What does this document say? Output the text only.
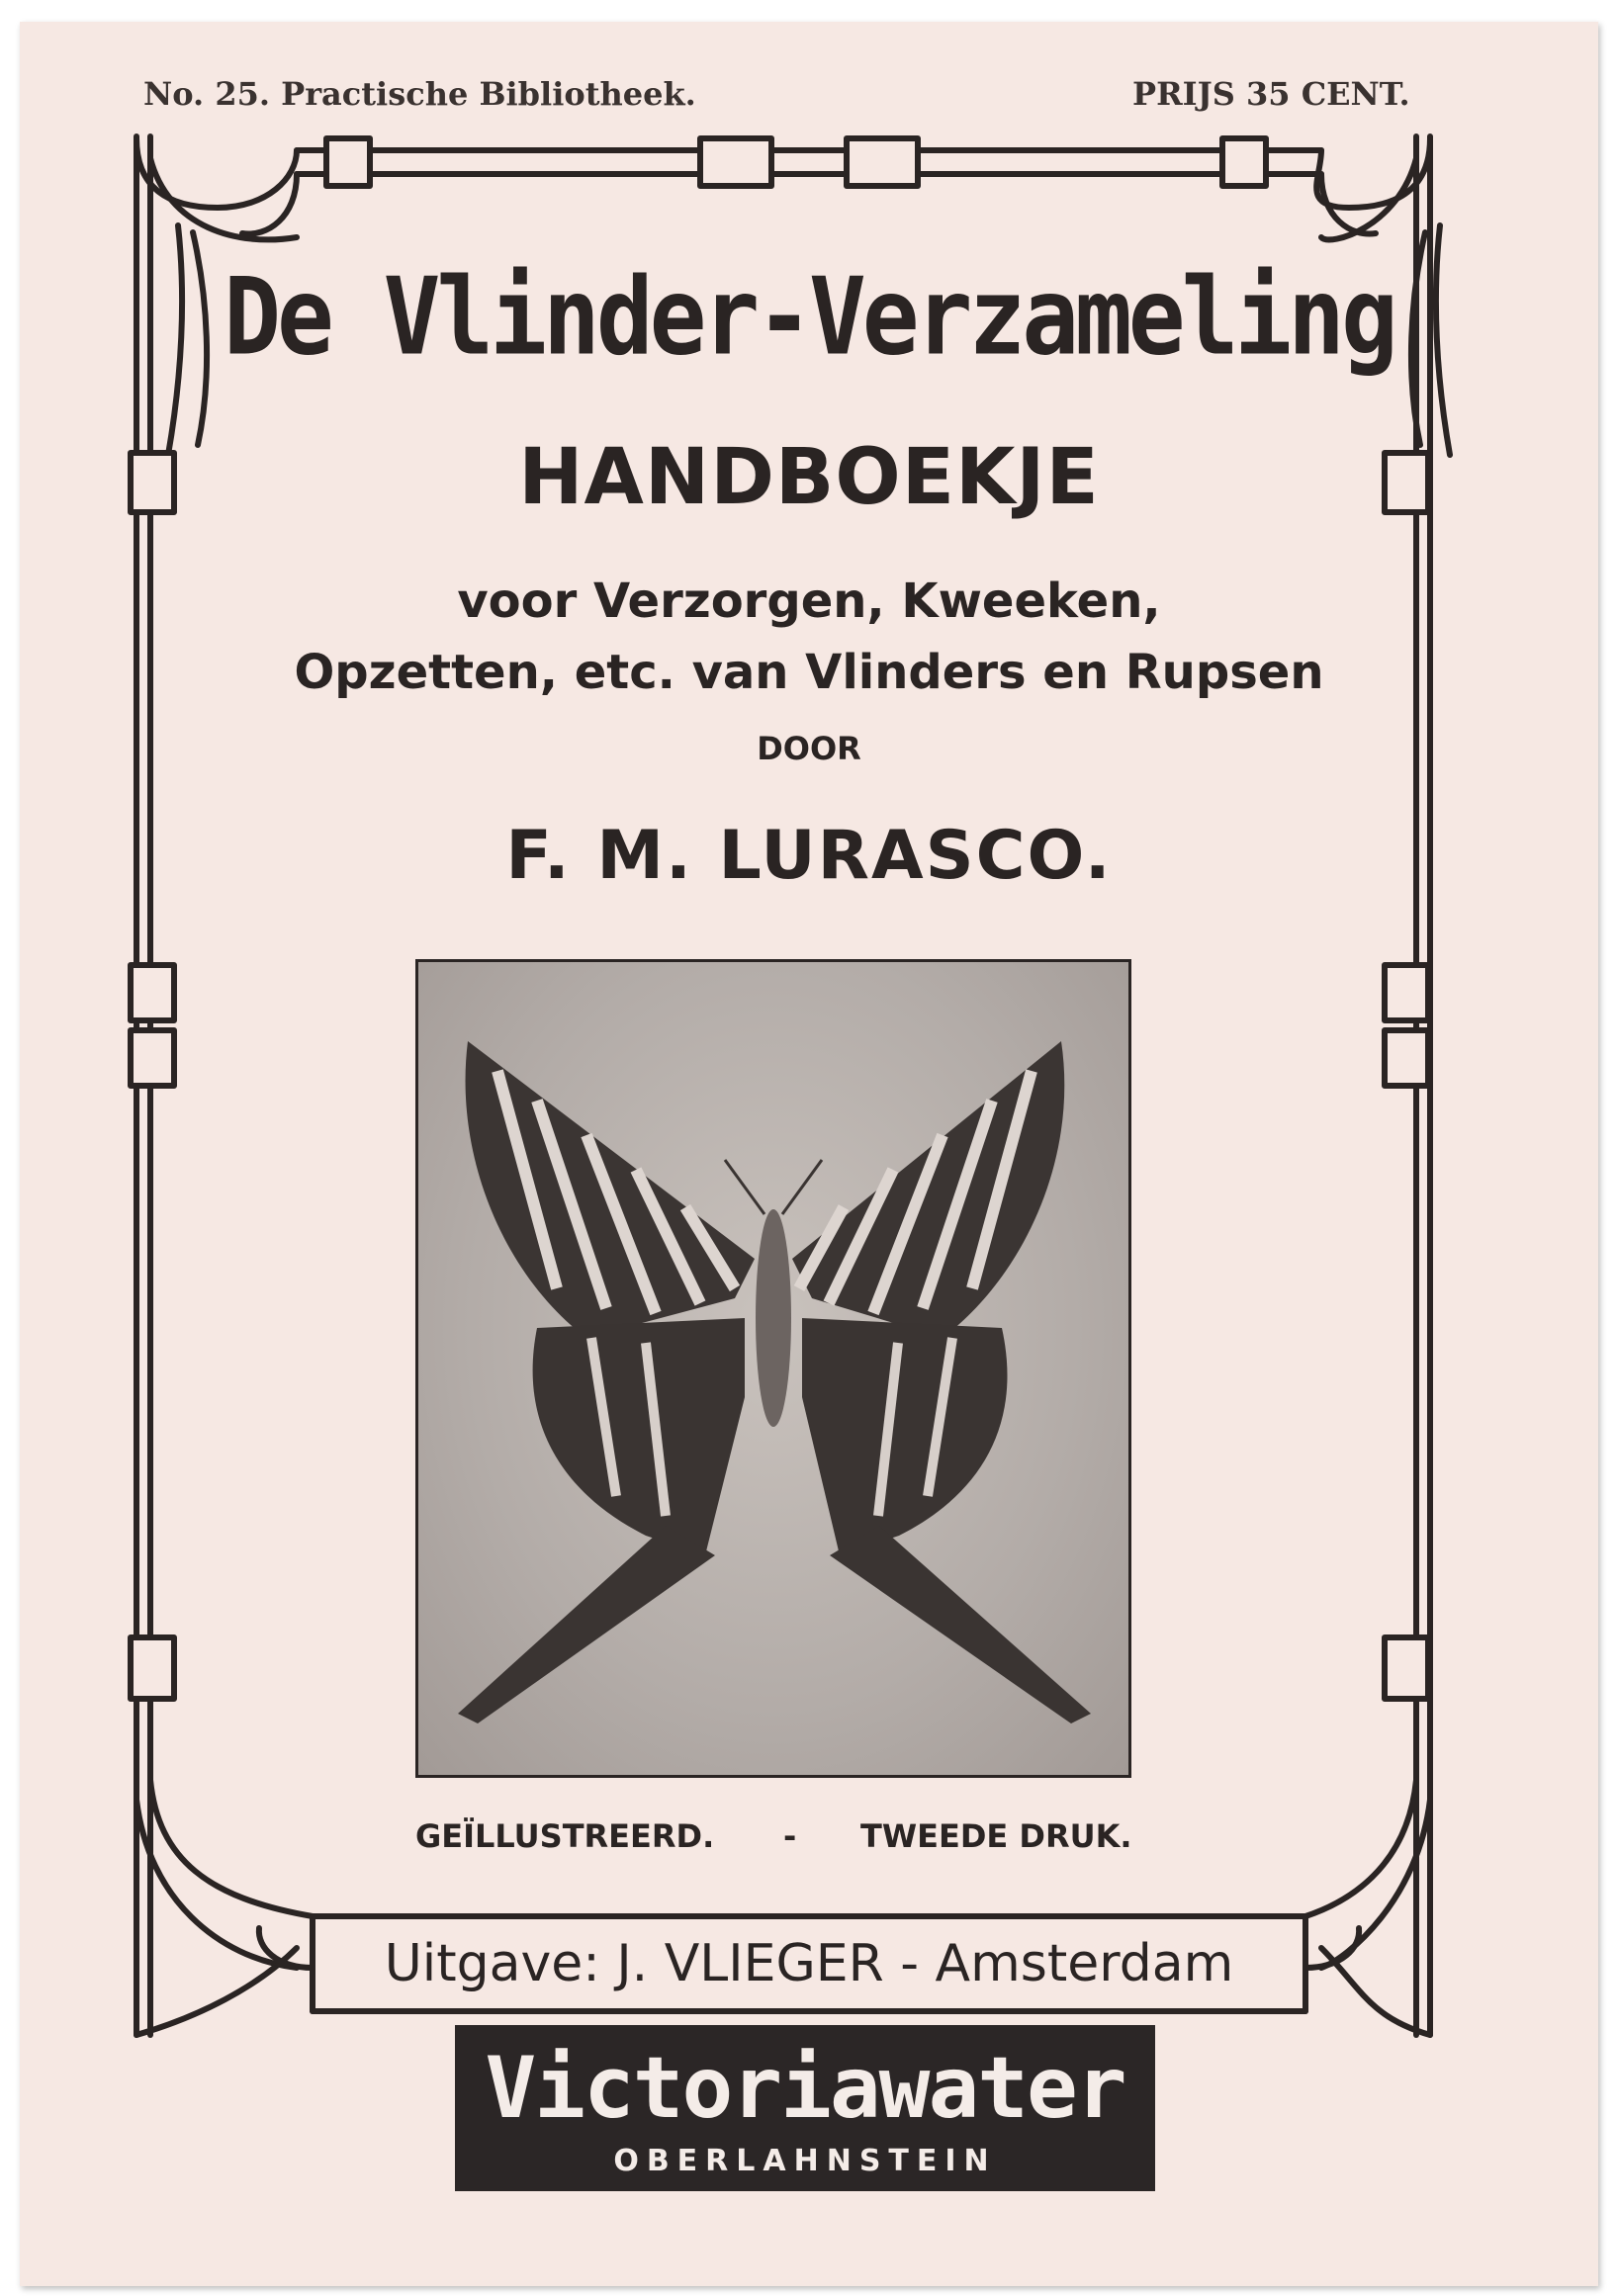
No. 25. Practische Bibliotheek.	PRIJS 35 CENT.
De Vlinder-Verzameling
HANDBOEKJE
voor Verzorgen, Kweeken,
Opzetten, etc. van Vlinders en Rupsen
DOOR
F. M. LURASCO.
GEÏLLUSTREERD. - TWEEDE DRUK.
Uitgave: J. VLIEGER - Amsterdam
Victoriawater
OBERLAHNSTEIN
